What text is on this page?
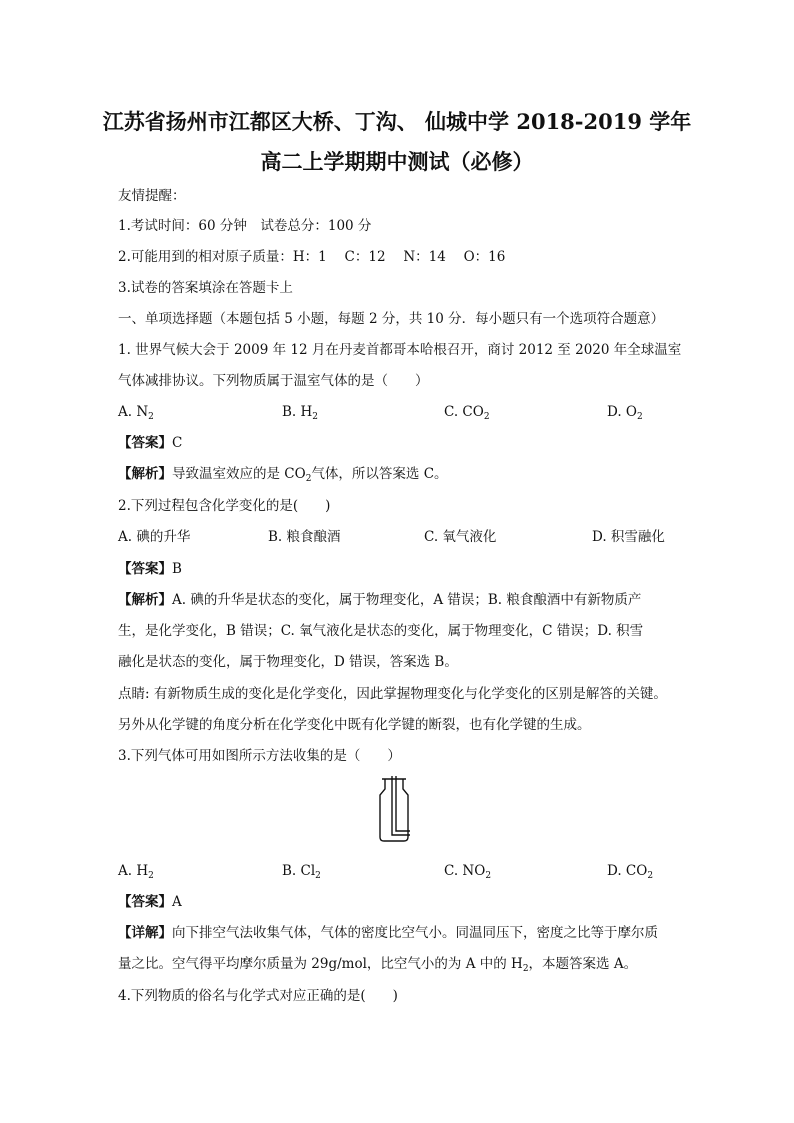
江苏省扬州市江都区大桥、丁沟、 仙城中学 2018-2019 学年
高二上学期期中测试（必修）
友情提醒：
1.考试时间：60 分钟　试卷总分：100 分
2.可能用到的相对原子质量：H：1　 C：12　 N：14　 O：16
3.试卷的答案填涂在答题卡上
一、单项选择题（本题包括 5 小题，每题 2 分，共 10 分．每小题只有一个选项符合题意）
1. 世界气候大会于 2009 年 12 月在丹麦首都哥本哈根召开，商讨 2012 至 2020 年全球温室
气体减排协议。下列物质属于温室气体的是（　　）
A. $N_2$	B. $H_2$	C. $CO_2$	D. $O_2$
【答案】C
【解析】导致温室效应的是 $CO_2$气体，所以答案选 C。
2.下列过程包含化学变化的是(　　)
A. 碘的升华	B. 粮食酿酒	C. 氧气液化	D. 积雪融化
【答案】B
【解析】A. 碘的升华是状态的变化，属于物理变化，A 错误；B. 粮食酿酒中有新物质产
生，是化学变化，B 错误；C. 氧气液化是状态的变化，属于物理变化，C 错误；D. 积雪
融化是状态的变化，属于物理变化，D 错误，答案选 B。
点睛: 有新物质生成的变化是化学变化，因此掌握物理变化与化学变化的区别是解答的关键。
另外从化学键的角度分析在化学变化中既有化学键的断裂，也有化学键的生成。
3.下列气体可用如图所示方法收集的是（　　）
A. $H_2$	B. $Cl_2$	C. $NO_2$	D. $CO_2$
【答案】A
【详解】向下排空气法收集气体，气体的密度比空气小。同温同压下，密度之比等于摩尔质
量之比。空气得平均摩尔质量为 29g/mol，比空气小的为 A 中的 $H_2$，本题答案选 A。
4.下列物质的俗名与化学式对应正确的是(　　)
